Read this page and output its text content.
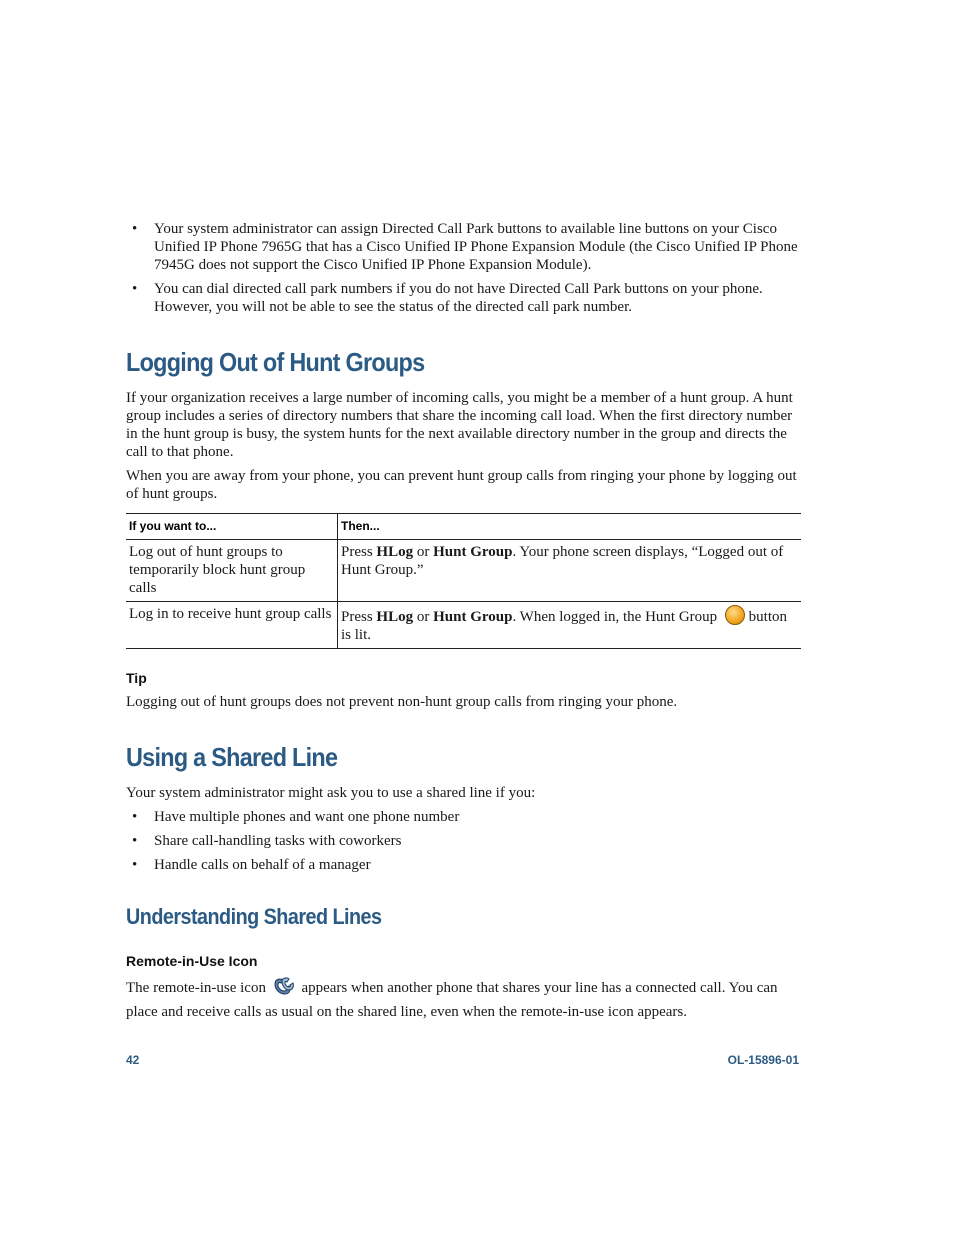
• Your system administrator can assign Directed Call Park buttons to available line buttons on your Cisco Unified IP Phone 7965G that has a Cisco Unified IP Phone Expansion Module (the Cisco Unified IP Phone 7945G does not support the Cisco Unified IP Phone Expansion Module).
• You can dial directed call park numbers if you do not have Directed Call Park buttons on your phone. However, you will not be able to see the status of the directed call park number.
Logging Out of Hunt Groups

If your organization receives a large number of incoming calls, you might be a member of a hunt group. A hunt group includes a series of directory numbers that share the incoming call load. When the first directory number in the hunt group is busy, the system hunts for the next available directory number in the group and directs the call to that phone.

When you are away from your phone, you can prevent hunt group calls from ringing your phone by logging out of hunt groups.

If you want to...	Then...
Log out of hunt groups to temporarily block hunt group calls	Press HLog or Hunt Group. Your phone screen displays, “Logged out of Hunt Group.”
Log in to receive hunt group calls	Press HLog or Hunt Group. When logged in, the Hunt Group  button is lit.
Tip

Logging out of hunt groups does not prevent non-hunt group calls from ringing your phone.

Using a Shared Line

Your system administrator might ask you to use a shared line if you:

• Have multiple phones and want one phone number
• Share call-handling tasks with coworkers
• Handle calls on behalf of a manager
Understanding Shared Lines
Remote-in-Use Icon

The remote-in-use icon  appears when another phone that shares your line has a connected call. You can place and receive calls as usual on the shared line, even when the remote-in-use icon appears.

42	OL-15896-01
